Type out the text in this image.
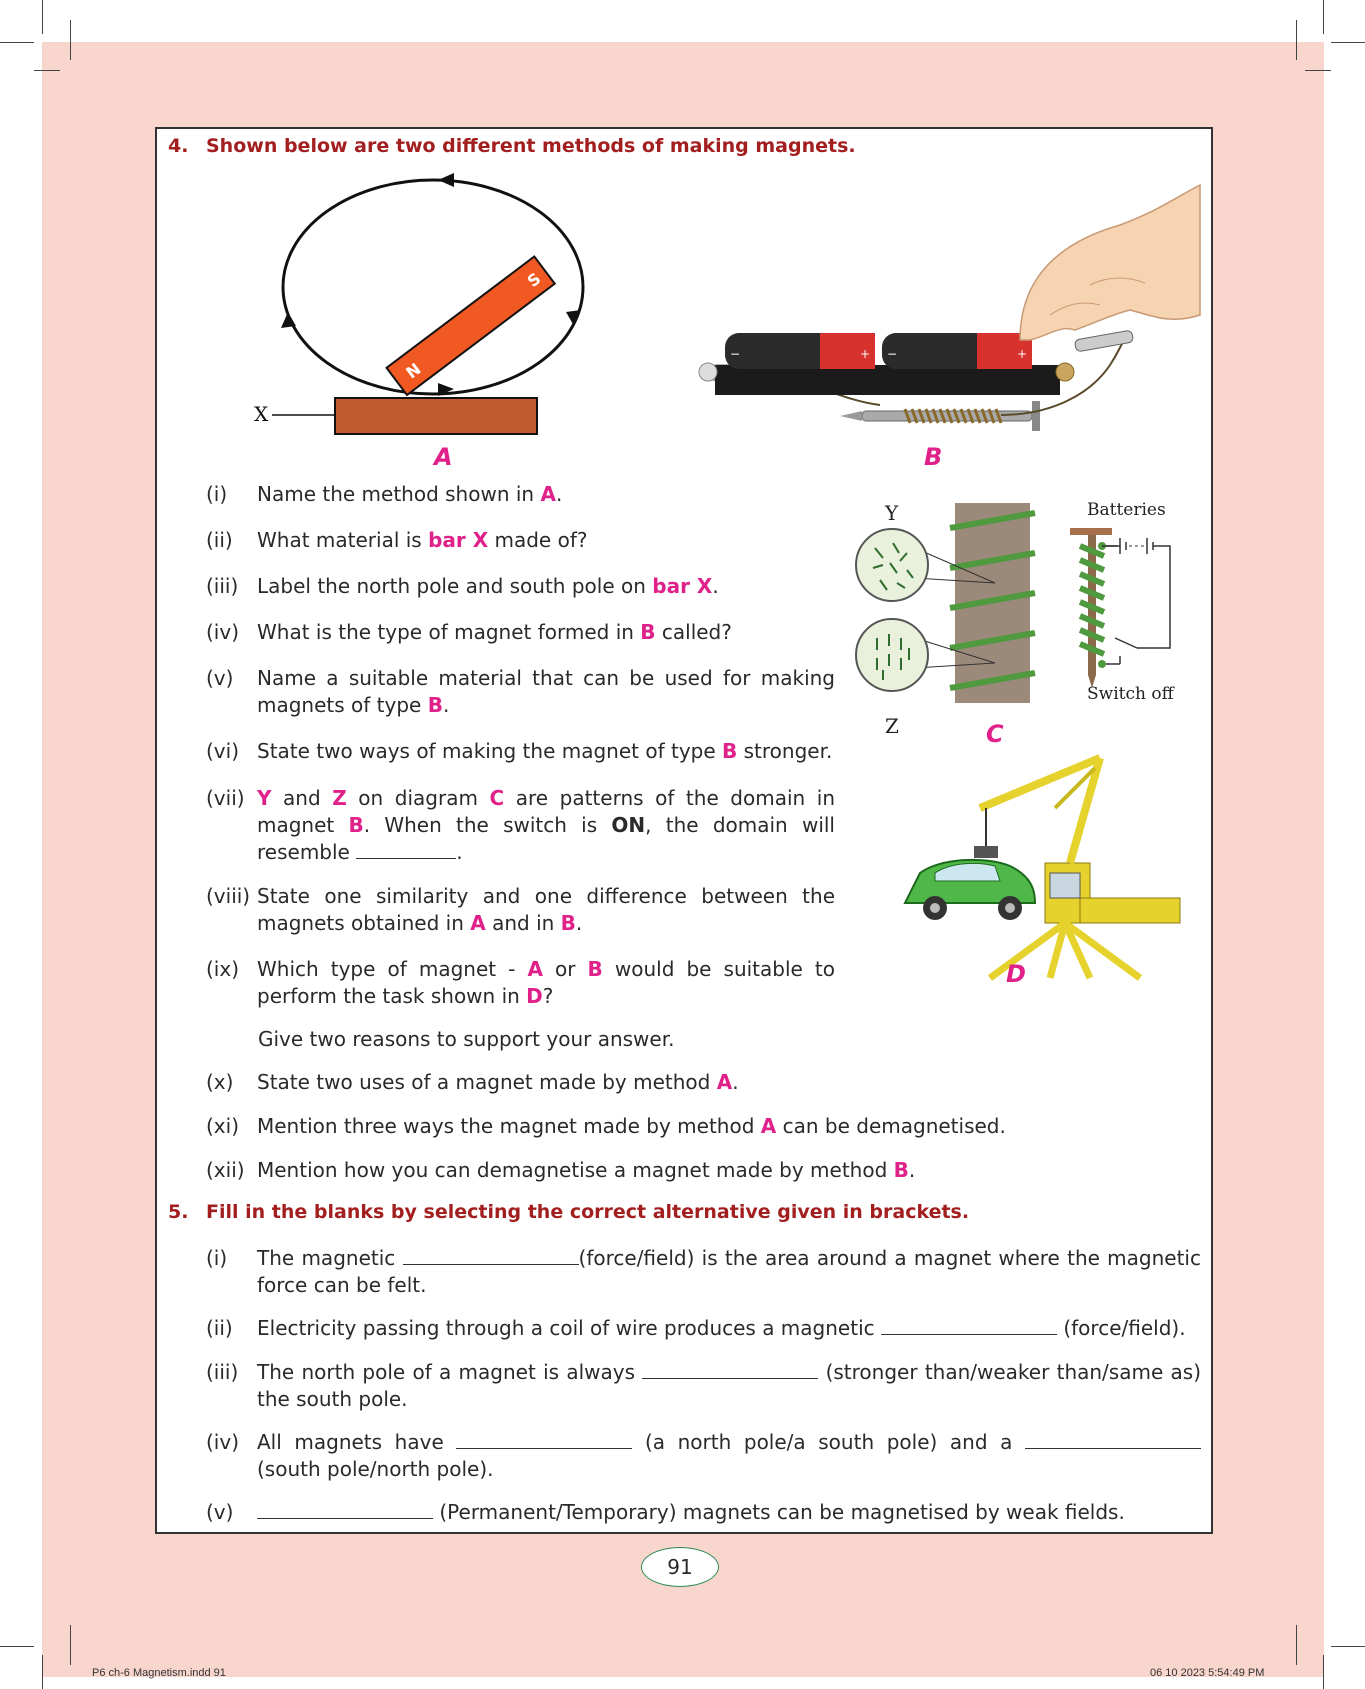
4. Shown below are two different methods of making magnets.
X
N
S
A
−	+ −	+
B
Y
Z
Batteries
Switch off
C
D
(i) Name the method shown in A.
(ii) What material is bar X made of?
(iii) Label the north pole and south pole on bar X.
(iv) What is the type of magnet formed in B called?
(v) Name a suitable material that can be used for making magnets of type B.
(vi) State two ways of making the magnet of type B stronger.
(vii) Y and Z on diagram C are patterns of the domain in magnet B. When the switch is ON, the domain will resemble	.
(viii) State one similarity and one difference between the magnets obtained in A and in B.
(ix) Which type of magnet - A or B would be suitable to perform the task shown in D?
Give two reasons to support your answer.
(x) State two uses of a magnet made by method A.
(xi) Mention three ways the magnet made by method A can be demagnetised.
(xii) Mention how you can demagnetise a magnet made by method B.
5. Fill in the blanks by selecting the correct alternative given in brackets.
(i) The magnetic	(force/field) is the area around a magnet where the magnetic force can be felt.
(ii) Electricity passing through a coil of wire produces a magnetic	(force/field).
(iii) The north pole of a magnet is always	(stronger than/weaker than/same as) the south pole.
(iv) All magnets have	(a north pole/a south pole) and a  (south pole/north pole).
(v)	(Permanent/Temporary) magnets can be magnetised by weak fields.
91
P6 ch-6 Magnetism.indd 91	06 10 2023 5:54:49 PM
